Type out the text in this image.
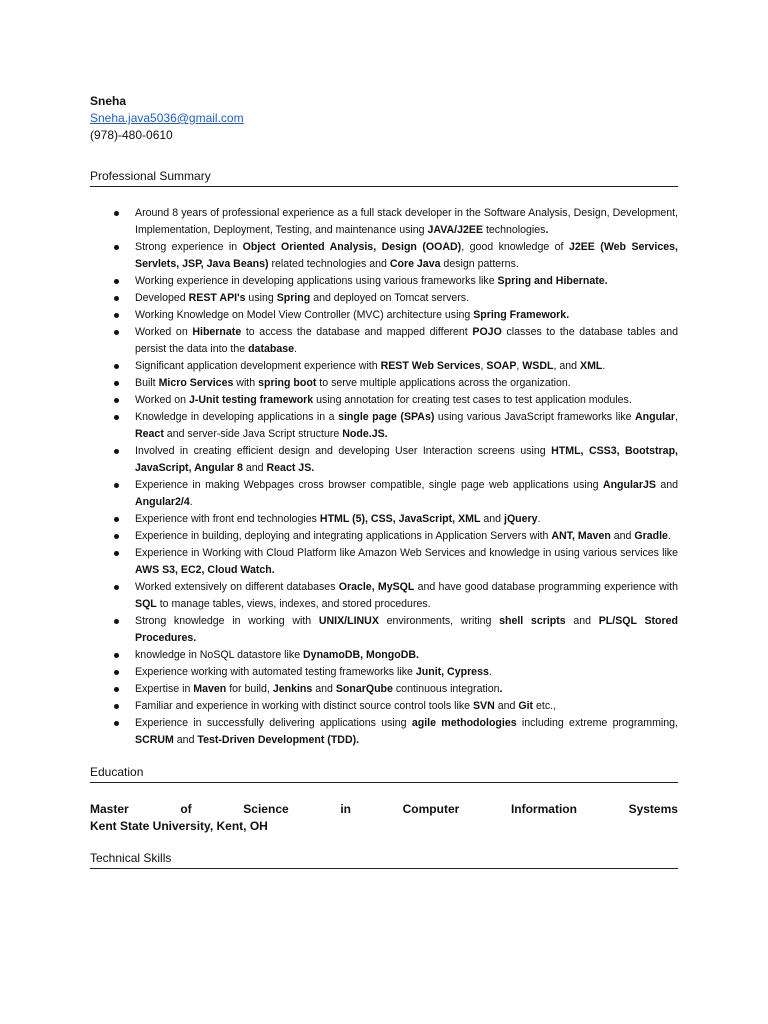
Sneha
Sneha.java5036@gmail.com
(978)-480-0610
Professional Summary
Around 8 years of professional experience as a full stack developer in the Software Analysis, Design, Development, Implementation, Deployment, Testing, and maintenance using JAVA/J2EE technologies.
Strong experience in Object Oriented Analysis, Design (OOAD), good knowledge of J2EE (Web Services, Servlets, JSP, Java Beans) related technologies and Core Java design patterns.
Working experience in developing applications using various frameworks like Spring and Hibernate.
Developed REST API's using Spring and deployed on Tomcat servers.
Working Knowledge on Model View Controller (MVC) architecture using Spring Framework.
Worked on Hibernate to access the database and mapped different POJO classes to the database tables and persist the data into the database.
Significant application development experience with REST Web Services, SOAP, WSDL, and XML.
Built Micro Services with spring boot to serve multiple applications across the organization.
Worked on J-Unit testing framework using annotation for creating test cases to test application modules.
Knowledge in developing applications in a single page (SPAs) using various JavaScript frameworks like Angular, React and server-side Java Script structure Node.JS.
Involved in creating efficient design and developing User Interaction screens using HTML, CSS3, Bootstrap, JavaScript, Angular 8 and React JS.
Experience in making Webpages cross browser compatible, single page web applications using AngularJS and Angular2/4.
Experience with front end technologies HTML (5), CSS, JavaScript, XML and jQuery.
Experience in building, deploying and integrating applications in Application Servers with ANT, Maven and Gradle.
Experience in Working with Cloud Platform like Amazon Web Services and knowledge in using various services like AWS S3, EC2, Cloud Watch.
Worked extensively on different databases Oracle, MySQL and have good database programming experience with SQL to manage tables, views, indexes, and stored procedures.
Strong knowledge in working with UNIX/LINUX environments, writing shell scripts and PL/SQL Stored Procedures.
knowledge in NoSQL datastore like DynamoDB, MongoDB.
Experience working with automated testing frameworks like Junit, Cypress.
Expertise in Maven for build, Jenkins and SonarQube continuous integration.
Familiar and experience in working with distinct source control tools like SVN and Git etc.,
Experience in successfully delivering applications using agile methodologies including extreme programming, SCRUM and Test-Driven Development (TDD).
Education
Master	of	Science	in	Computer	Information	Systems
Kent State University, Kent, OH
Technical Skills
